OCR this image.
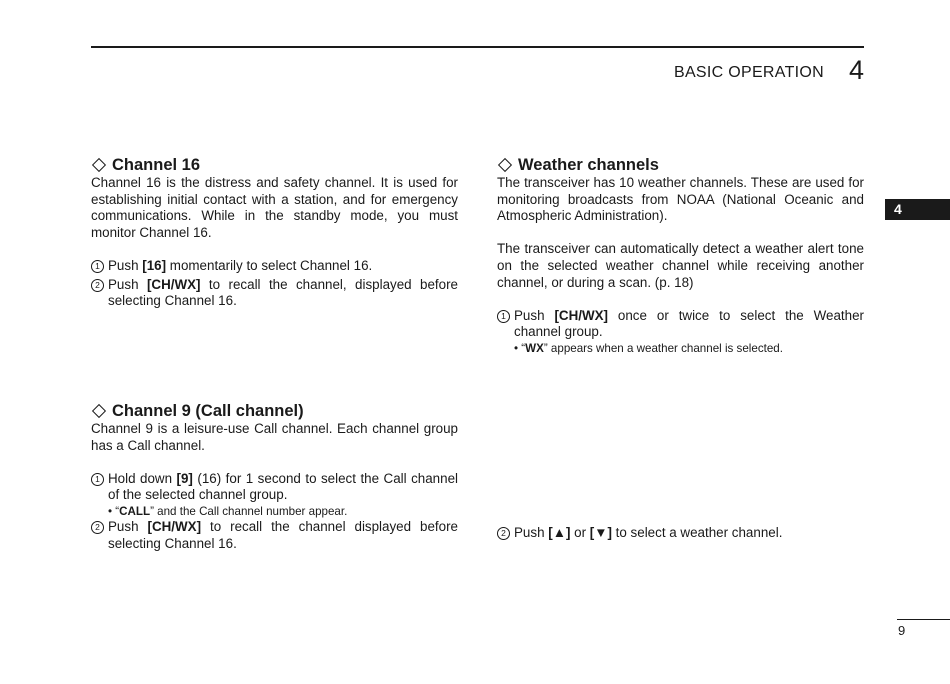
BASIC OPERATION 4
4
Channel 16

Channel 16 is the distress and safety channel. It is used for establishing initial contact with a station, and for emergency communications. While in the standby mode, you must monitor Channel 16.

1 Push [16] momentarily to select Channel 16.

2 Push [CH/WX] to recall the channel, displayed before selecting Channel 16.

Channel 9 (Call channel)

Channel 9 is a leisure-use Call channel. Each channel group has a Call channel.

1 Hold down [9] (16) for 1 second to select the Call channel of the selected channel group.

• “CALL” and the Call channel number appear.

2 Push [CH/WX] to recall the channel displayed before selecting Channel 16.

Weather channels

The transceiver has 10 weather channels. These are used for monitoring broadcasts from NOAA (National Oceanic and Atmospheric Administration).

The transceiver can automatically detect a weather alert tone on the selected weather channel while receiving another channel, or during a scan. (p. 18)

1 Push [CH/WX] once or twice to select the Weather channel group.

• “WX” appears when a weather channel is selected.

2 Push [▲] or [▼] to select a weather channel.

9
